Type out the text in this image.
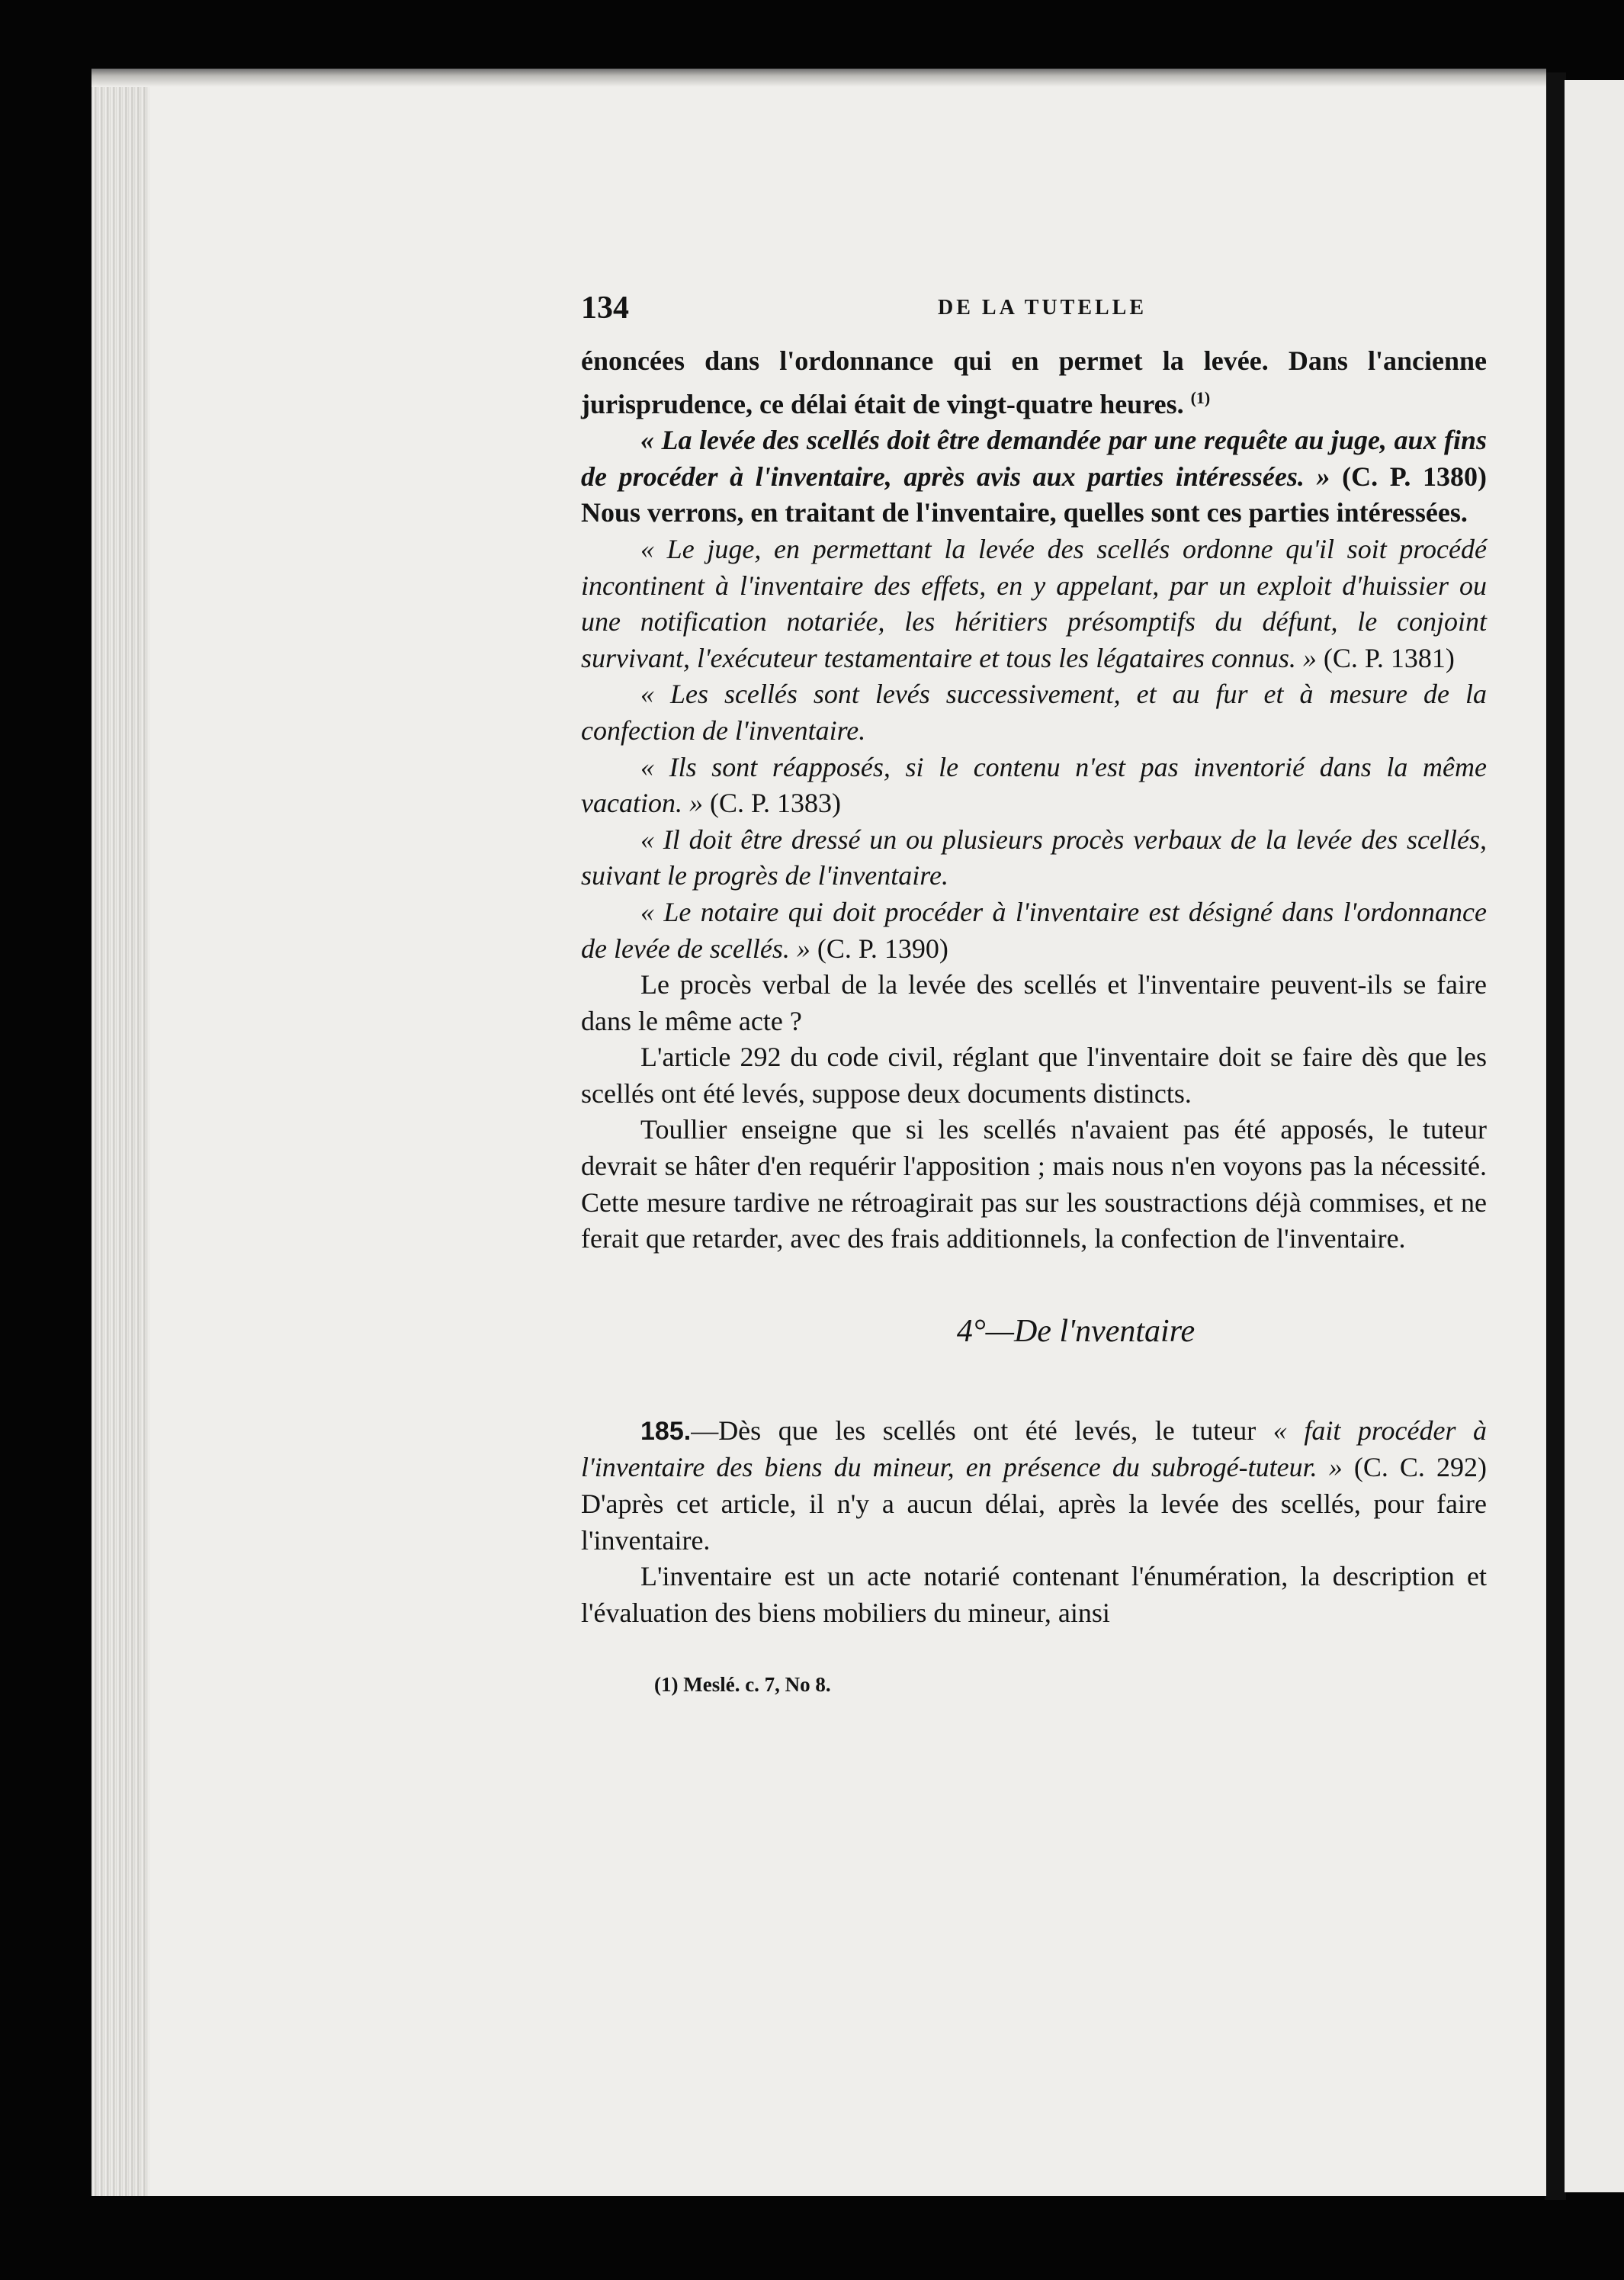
134	DE LA TUTELLE

énoncées dans l'ordonnance qui en permet la levée. Dans l'ancienne jurisprudence, ce délai était de vingt-quatre heures. $^{(1)}$

« La levée des scellés doit être demandée par une requête au juge, aux fins de procéder à l'inventaire, après avis aux parties intéressées. » (C. P. 1380) Nous verrons, en traitant de l'inventaire, quelles sont ces parties intéressées.

« Le juge, en permettant la levée des scellés ordonne qu'il soit procédé incontinent à l'inventaire des effets, en y appelant, par un exploit d'huissier ou une notification notariée, les héritiers présomptifs du défunt, le conjoint survivant, l'exécuteur testamentaire et tous les légataires connus. » (C. P. 1381)

« Les scellés sont levés successivement, et au fur et à mesure de la confection de l'inventaire.

« Ils sont réapposés, si le contenu n'est pas inventorié dans la même vacation. » (C. P. 1383)

« Il doit être dressé un ou plusieurs procès verbaux de la levée des scellés, suivant le progrès de l'inventaire.

« Le notaire qui doit procéder à l'inventaire est désigné dans l'ordonnance de levée de scellés. » (C. P. 1390)

Le procès verbal de la levée des scellés et l'inventaire peuvent-ils se faire dans le même acte ?

L'article 292 du code civil, réglant que l'inventaire doit se faire dès que les scellés ont été levés, suppose deux documents distincts.

Toullier enseigne que si les scellés n'avaient pas été apposés, le tuteur devrait se hâter d'en requérir l'apposition ; mais nous n'en voyons pas la nécessité. Cette mesure tardive ne rétroagirait pas sur les soustractions déjà commises, et ne ferait que retarder, avec des frais additionnels, la confection de l'inventaire.

4°—De l'nventaire

185.—Dès que les scellés ont été levés, le tuteur « fait procéder à l'inventaire des biens du mineur, en présence du subrogé-tuteur. » (C. C. 292) D'après cet article, il n'y a aucun délai, après la levée des scellés, pour faire l'inventaire.

L'inventaire est un acte notarié contenant l'énumération, la description et l'évaluation des biens mobiliers du mineur, ainsi

(1) Meslé. c. 7, No 8.
